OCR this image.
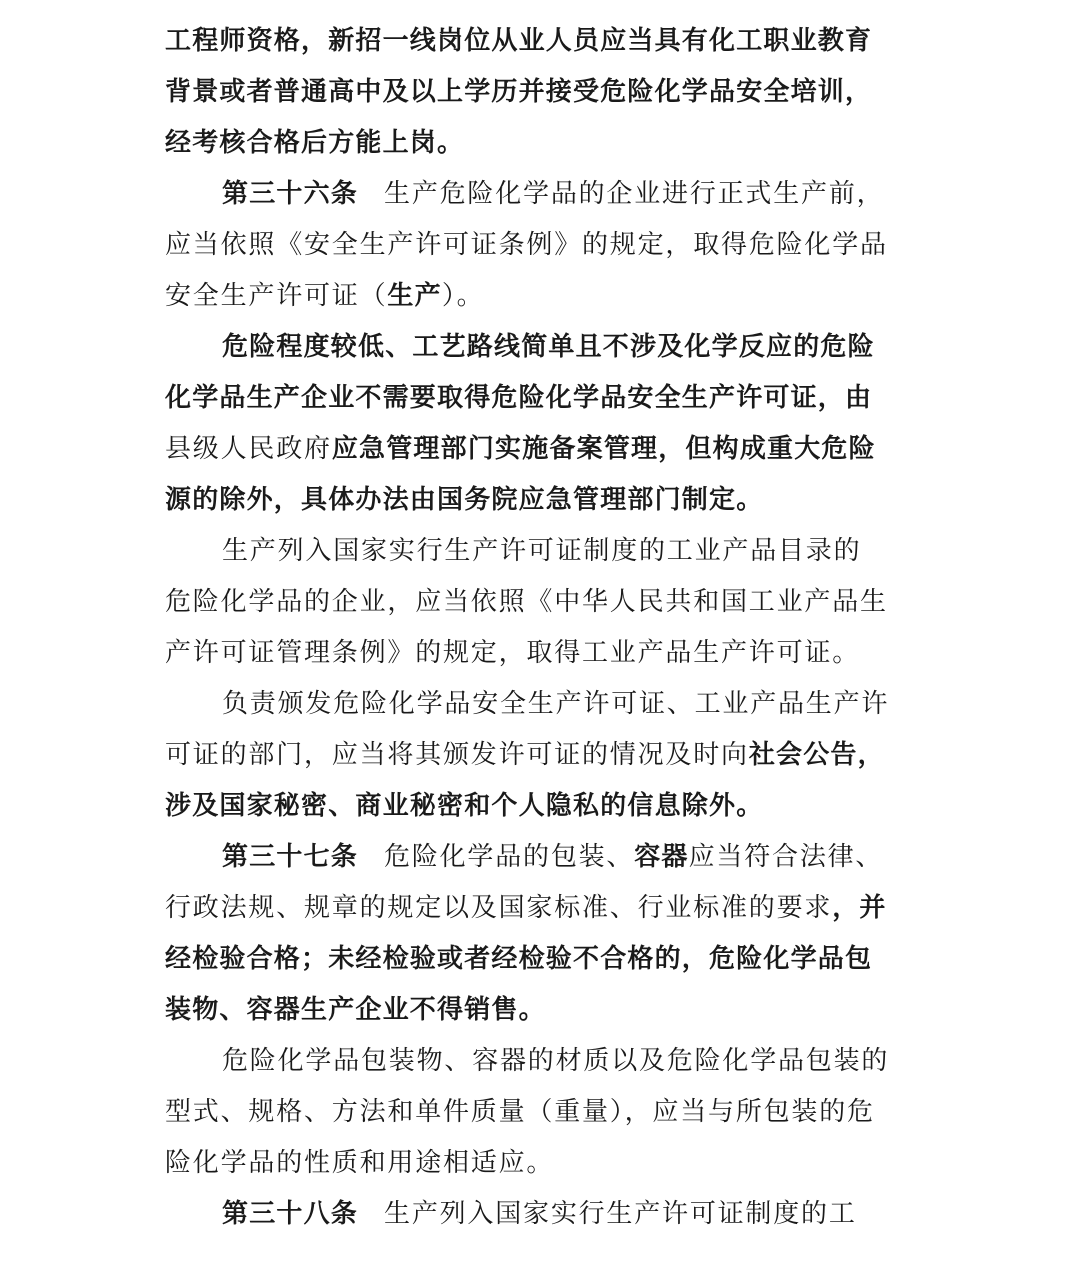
工程师资格，新招一线岗位从业人员应当具有化工职业教育
背景或者普通高中及以上学历并接受危险化学品安全培训，
经考核合格后方能上岗。
第三十六条 生产危险化学品的企业进行正式生产前，
应当依照《安全生产许可证条例》的规定，取得危险化学品
安全生产许可证（生产）。
危险程度较低、工艺路线简单且不涉及化学反应的危险
化学品生产企业不需要取得危险化学品安全生产许可证，由
县级人民政府应急管理部门实施备案管理，但构成重大危险
源的除外，具体办法由国务院应急管理部门制定。
生产列入国家实行生产许可证制度的工业产品目录的
危险化学品的企业，应当依照《中华人民共和国工业产品生
产许可证管理条例》的规定，取得工业产品生产许可证。
负责颁发危险化学品安全生产许可证、工业产品生产许
可证的部门，应当将其颁发许可证的情况及时向社会公告，
涉及国家秘密、商业秘密和个人隐私的信息除外。
第三十七条 危险化学品的包装、容器应当符合法律、
行政法规、规章的规定以及国家标准、行业标准的要求，并
经检验合格；未经检验或者经检验不合格的，危险化学品包
装物、容器生产企业不得销售。
危险化学品包装物、容器的材质以及危险化学品包装的
型式、规格、方法和单件质量（重量），应当与所包装的危
险化学品的性质和用途相适应。
第三十八条 生产列入国家实行生产许可证制度的工
